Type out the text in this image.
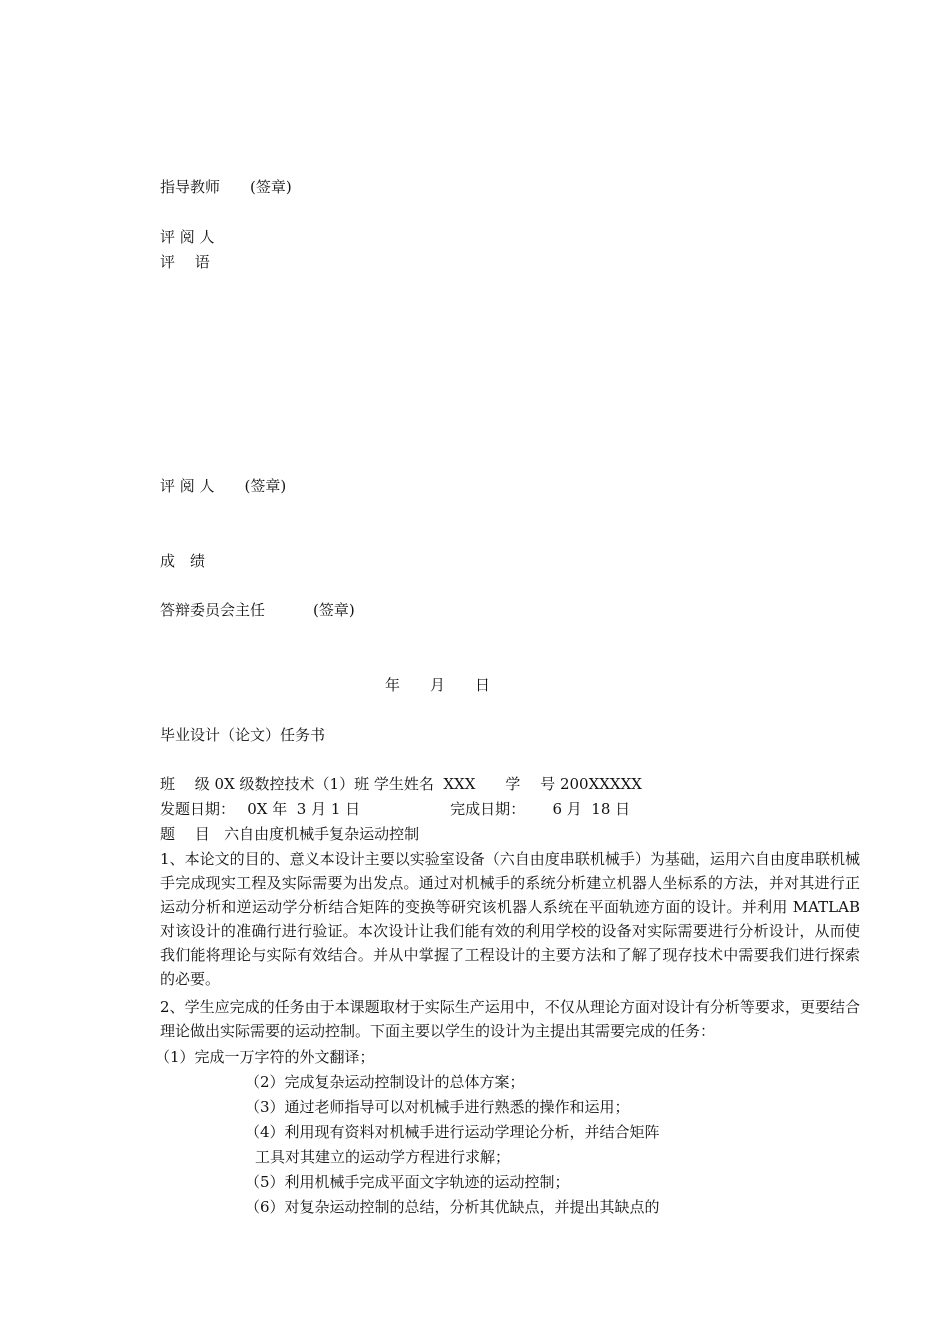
指导教师 (签章)
评 阅 人
评　 语
评 阅 人 (签章)
成　绩
答辩委员会主任	(签章)
年　　月　　日
毕业设计（论文）任务书
班　 级 0X 级数控技术（1）班 学生姓名  XXX　　学　 号 200XXXXX
发题日期：　 0X 年  3 月 1 日　　　　　　完成日期：　　 6 月  18 日
题　 目   六自由度机械手复杂运动控制
1、本论文的目的、意义本设计主要以实验室设备（六自由度串联机械手）为基础，运用六自由度串联机械手完成现实工程及实际需要为出发点。通过对机械手的系统分析建立机器人坐标系的方法，并对其进行正运动分析和逆运动学分析结合矩阵的变换等研究该机器人系统在平面轨迹方面的设计。并利用 MATLAB 对该设计的准确行进行验证。本次设计让我们能有效的利用学校的设备对实际需要进行分析设计，从而使我们能将理论与实际有效结合。并从中掌握了工程设计的主要方法和了解了现存技术中需要我们进行探索的必要。
2、学生应完成的任务由于本课题取材于实际生产运用中，不仅从理论方面对设计有分析等要求，更要结合理论做出实际需要的运动控制。下面主要以学生的设计为主提出其需要完成的任务：
（1）完成一万字符的外文翻译；
（2）完成复杂运动控制设计的总体方案；
（3）通过老师指导可以对机械手进行熟悉的操作和运用；
（4）利用现有资料对机械手进行运动学理论分析，并结合矩阵
工具对其建立的运动学方程进行求解；
（5）利用机械手完成平面文字轨迹的运动控制；
（6）对复杂运动控制的总结，分析其优缺点，并提出其缺点的
